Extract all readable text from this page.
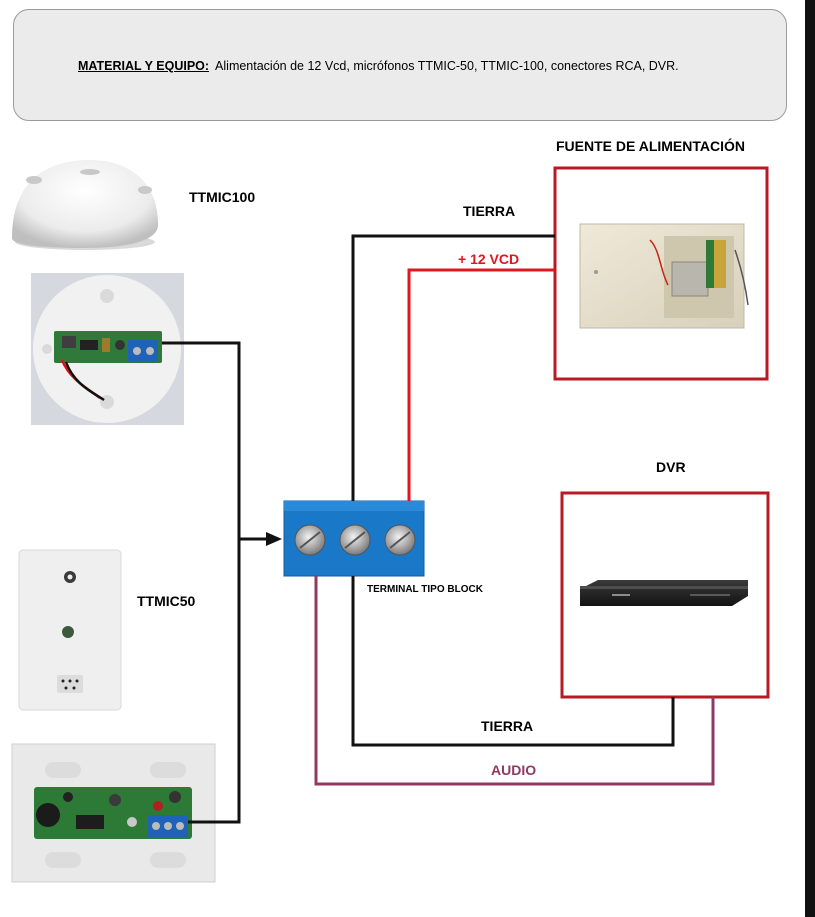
MATERIAL Y EQUIPO: Alimentación de 12 Vcd, micrófonos TTMIC-50, TTMIC-100, conectores RCA, DVR.
FUENTE DE ALIMENTACIÓN
TTMIC100
TIERRA
+ 12 VCD
DVR
TTMIC50
TERMINAL TIPO BLOCK
TIERRA
AUDIO
